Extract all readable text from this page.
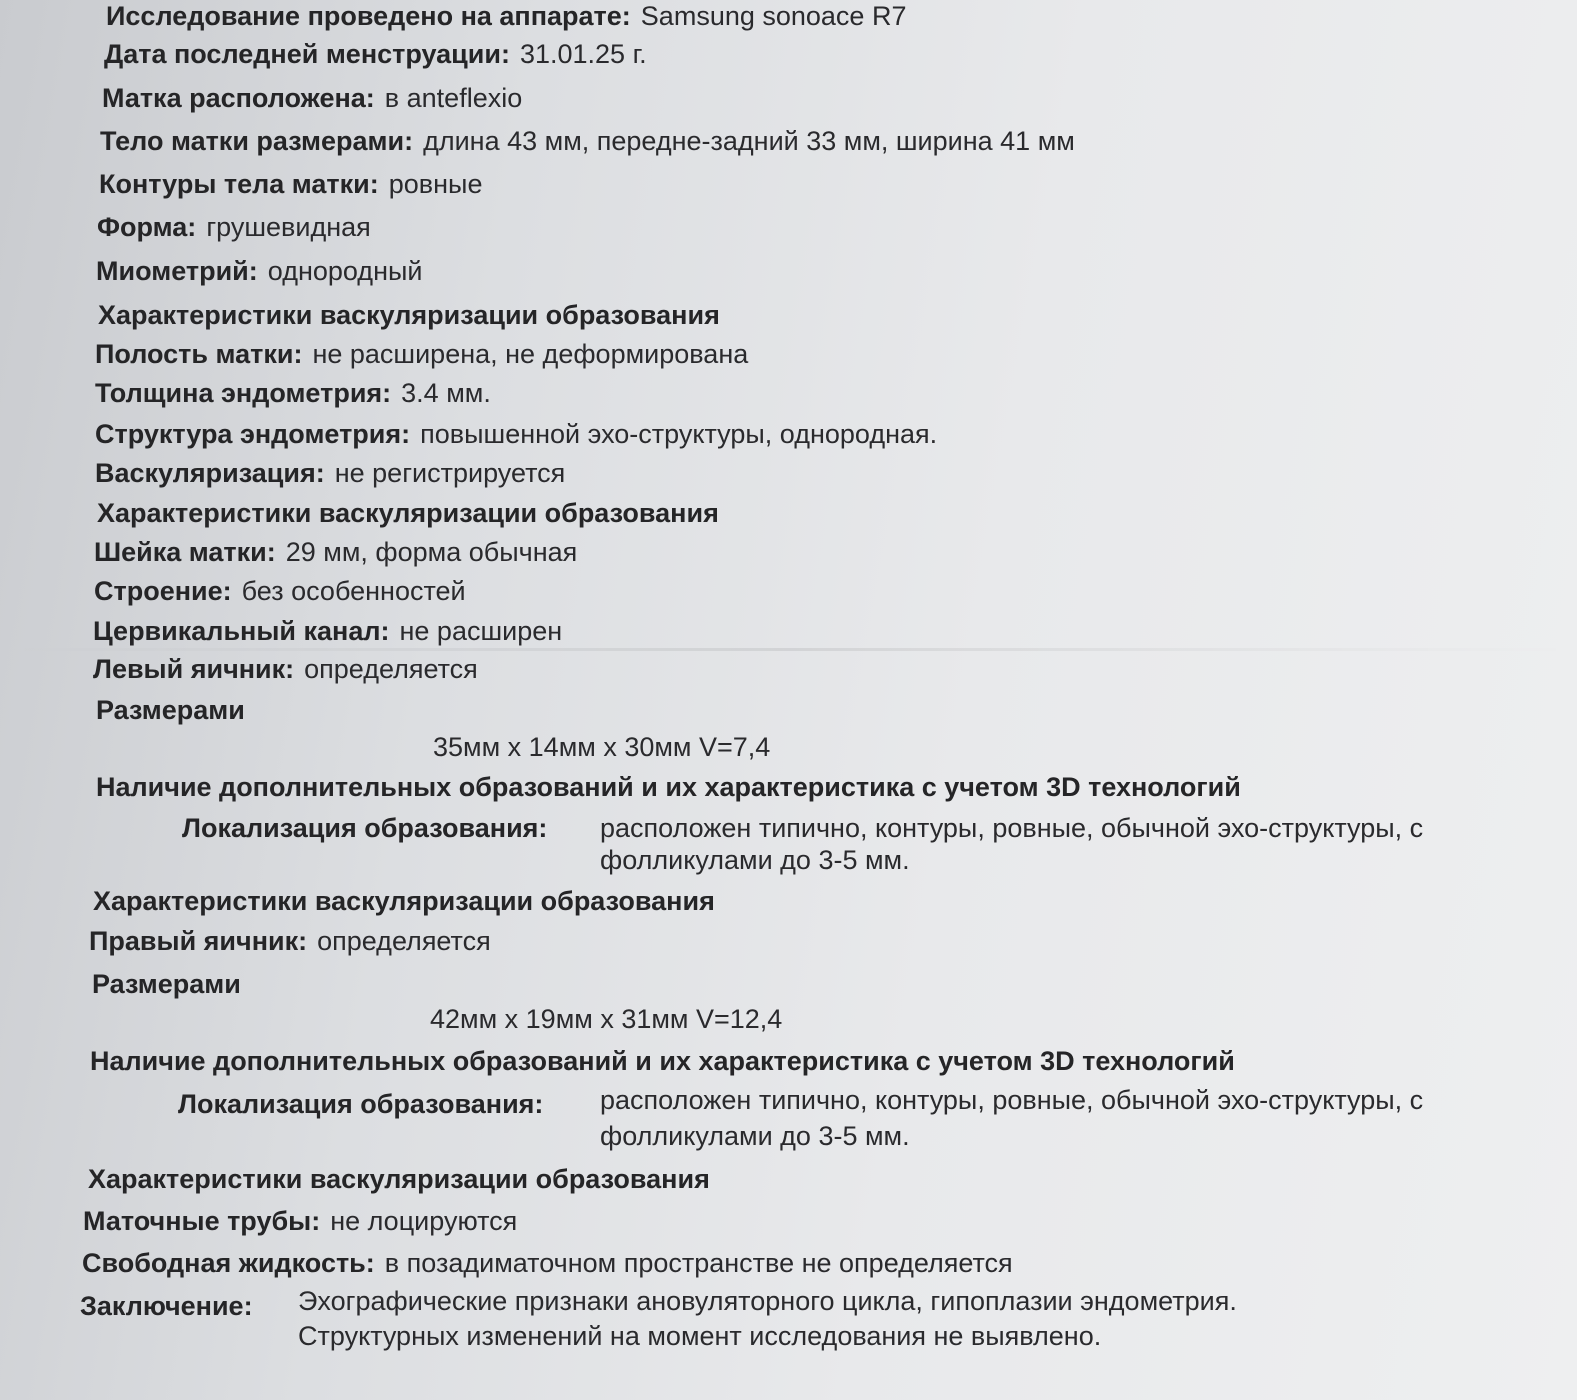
Исследование проведено на аппарате: Samsung sonoace R7
Дата последней менструации: 31.01.25 г.
Матка расположена: в anteflexio
Тело матки размерами: длина 43 мм, передне-задний 33 мм, ширина 41 мм
Контуры тела матки: ровные
Форма: грушевидная
Миометрий: однородный
Характеристики васкуляризации образования
Полость матки: не расширена, не деформирована
Толщина эндометрия: 3.4 мм.
Структура эндометрия: повышенной эхо-структуры, однородная.
Васкуляризация: не регистрируется
Характеристики васкуляризации образования
Шейка матки: 29 мм, форма обычная
Строение: без особенностей
Цервикальный канал: не расширен
Левый яичник: определяется
Размерами
35мм х 14мм х 30мм V=7,4
Наличие дополнительных образований и их характеристика с учетом 3D технологий
Локализация образования: расположен типично, контуры, ровные, обычной эхо-структуры, с
фолликулами до 3-5 мм.
Характеристики васкуляризации образования
Правый яичник: определяется
Размерами
42мм х 19мм х 31мм V=12,4
Наличие дополнительных образований и их характеристика с учетом 3D технологий
Локализация образования: расположен типично, контуры, ровные, обычной эхо-структуры, с
фолликулами до 3-5 мм.
Характеристики васкуляризации образования
Маточные трубы: не лоцируются
Свободная жидкость: в позадиматочном пространстве не определяется
Заключение: Эхографические признаки ановуляторного цикла, гипоплазии эндометрия.
Структурных изменений на момент исследования не выявлено.
